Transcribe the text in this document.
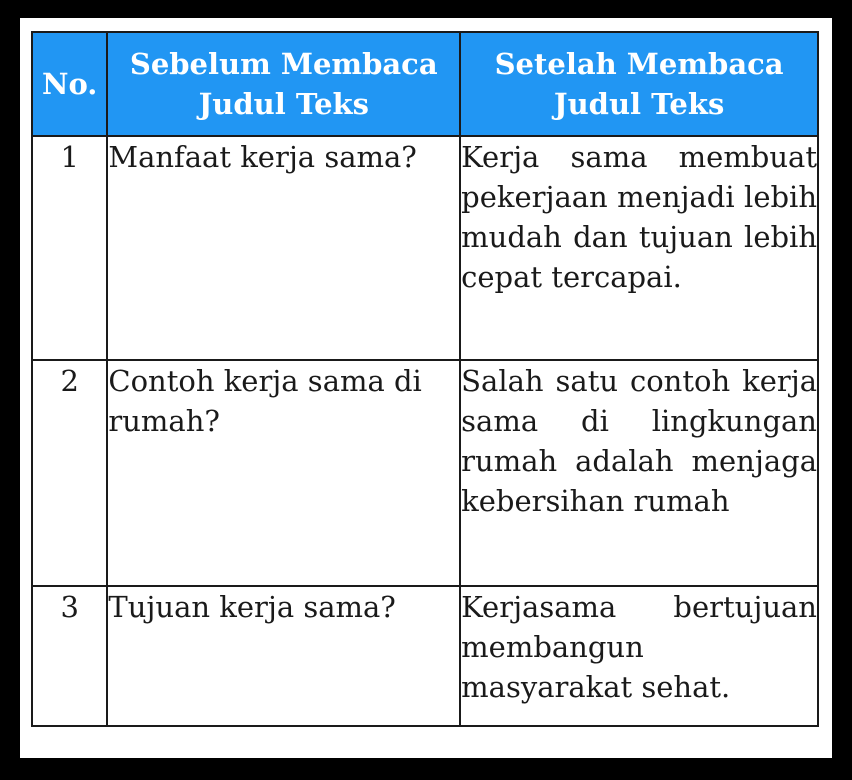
No.	Sebelum Membaca Judul Teks	Setelah Membaca Judul Teks
1	Manfaat kerja sama?	Kerja sama membuat pekerjaan menjadi lebih mudah dan tujuan lebih cepat tercapai.
2	Contoh kerja sama di rumah?	Salah satu contoh kerja sama di lingkungan rumah adalah menjaga kebersihan rumah
3	Tujuan kerja sama?	Kerjasama bertujuan membangun masyarakat sehat.
